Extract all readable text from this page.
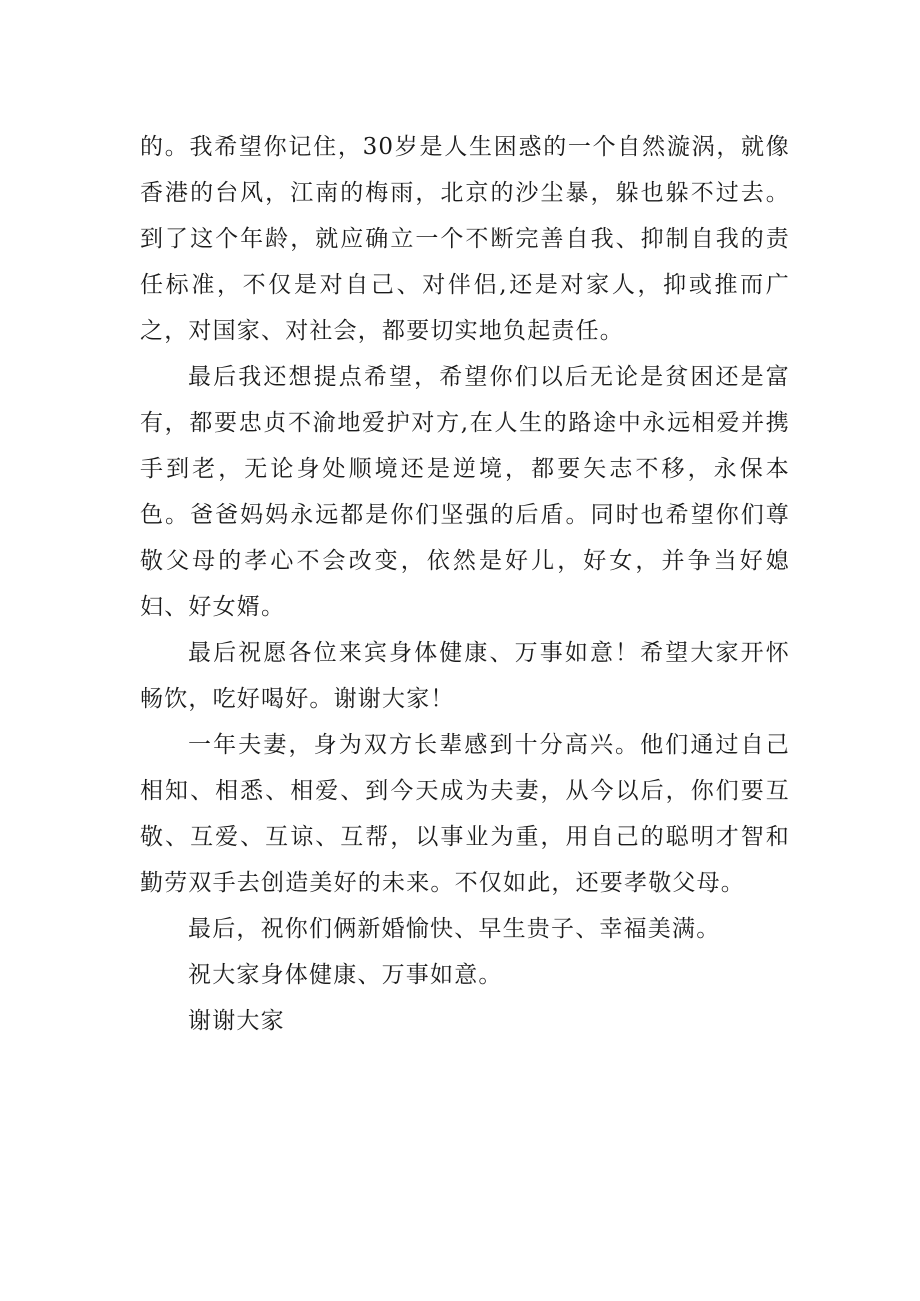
的。我希望你记住，30岁是人生困惑的一个自然漩涡，就像香港的台风，江南的梅雨，北京的沙尘暴，躲也躲不过去。到了这个年龄，就应确立一个不断完善自我、抑制自我的责任标准，不仅是对自己、对伴侣,还是对家人，抑或推而广之，对国家、对社会，都要切实地负起责任。

最后我还想提点希望，希望你们以后无论是贫困还是富有，都要忠贞不渝地爱护对方,在人生的路途中永远相爱并携手到老，无论身处顺境还是逆境，都要矢志不移，永保本色。爸爸妈妈永远都是你们坚强的后盾。同时也希望你们尊敬父母的孝心不会改变，依然是好儿，好女，并争当好媳妇、好女婿。

最后祝愿各位来宾身体健康、万事如意！希望大家开怀畅饮，吃好喝好。谢谢大家！

一年夫妻，身为双方长辈感到十分高兴。他们通过自己相知、相悉、相爱、到今天成为夫妻，从今以后，你们要互敬、互爱、互谅、互帮，以事业为重，用自己的聪明才智和勤劳双手去创造美好的未来。不仅如此，还要孝敬父母。

最后，祝你们俩新婚愉快、早生贵子、幸福美满。

祝大家身体健康、万事如意。

谢谢大家
